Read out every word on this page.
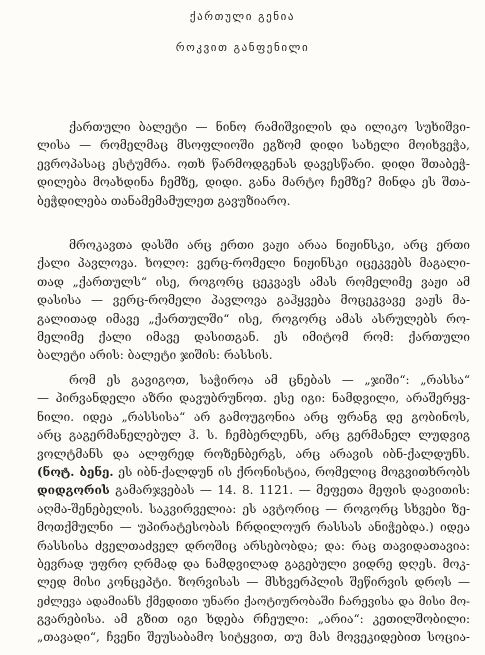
ქართული გენია
როკვით განფენილი
ქართული ბალეტი — ნინო რამიშვილის და ილიკო სუხიშვი-
ლისა — რომელმაც მსოფლიოში ეგზომ დიდი სახელი მოიხვეჭა,
ევროპასაც ესტუმრა. ოთხ წარმოდგენას დავესწარი. დიდი შთაბეჭ-
დილება მოახდინა ჩემზე, დიდი. განა მარტო ჩემზე? მინდა ეს შთა-
ბეჭდილება თანამემამულეთ გავუზიარო.
მროკავთა დასში არც ერთი ვაჟი არაა ნიჟინსკი, არც ერთი
ქალი პავლოვა. ხოლო: ვერც-რომელი ნიჟინსკი იცეკვებს მაგალი-
თად „ქართულს“ ისე, როგორც ცეკვავს ამას რომელიმე ვაჟი ამ
დასისა — ვერც-რომელი პავლოვა გაჰყვება მოცეკვავე ვაჟს მა-
გალითად იმავე „ქართულში“ ისე, როგორც ამას ასრულებს რო-
მელიმე ქალი იმავე დასითგან. ეს იმიტომ რომ: ქართული
ბალეტი არის: ბალეტი ჯიშის: რასსის.
რომ ეს გავიგოთ, საჭიროა ამ ცნებას — „ჯიში“: „რასსა“
— პირვანდელი აზრი დავუბრუნოთ. ესე იგი: ნამდვილი, არაშერყვ-
ნილი. იდეა „რასსისა“ არ გამოუგონია არც ფრანგ დე გობინოს,
არც გაგერმანელებულ ჰ. ს. ჩემბერლენს, არც გერმანელ ლუდვიგ
ვოლტმანს და ალფრედ როზენბერგს, არც არავის იბნ-ქალდუნს.
(ნოტ. ბენე. ეს იბნ-ქალდუნ ის ქრონისტია, რომელიც მოგვითხრობს
დიდგორის გამარჯვებას — 14. 8. 1121. — მეფეთა მეფის დავითის:
აღმა-შენებელის. საკვირველია: ეს ავტორიც — როგორც სხვები ზე-
მოთქმულნი — უპირატესობას ჩრდილოურ რასსას ანიჭებდა.) იდეა
რასსისა ძველთაძველ დროშიც არსებობდა; და: რაც თავიდათავია:
ბევრად უფრო ღრმად და ნამდვილად გაგებული ვიდრე დღეს. მოკ-
ლედ მისი კონცეპტი. ზორვისას — მსხვერპლის შეწირვის დროს —
ეძლევა ადამიანს ქმედითი უნარი ქაოტიურობაში ჩარევისა და მისი მო-
გვარებისა. ამ გზით იგი ხდება რჩეული: „არია“: კეთილშობილი:
„თავადი“, ჩვენი შეუსაბამო სიტყვით, თუ მას მოვეკიდებით სოცია-
